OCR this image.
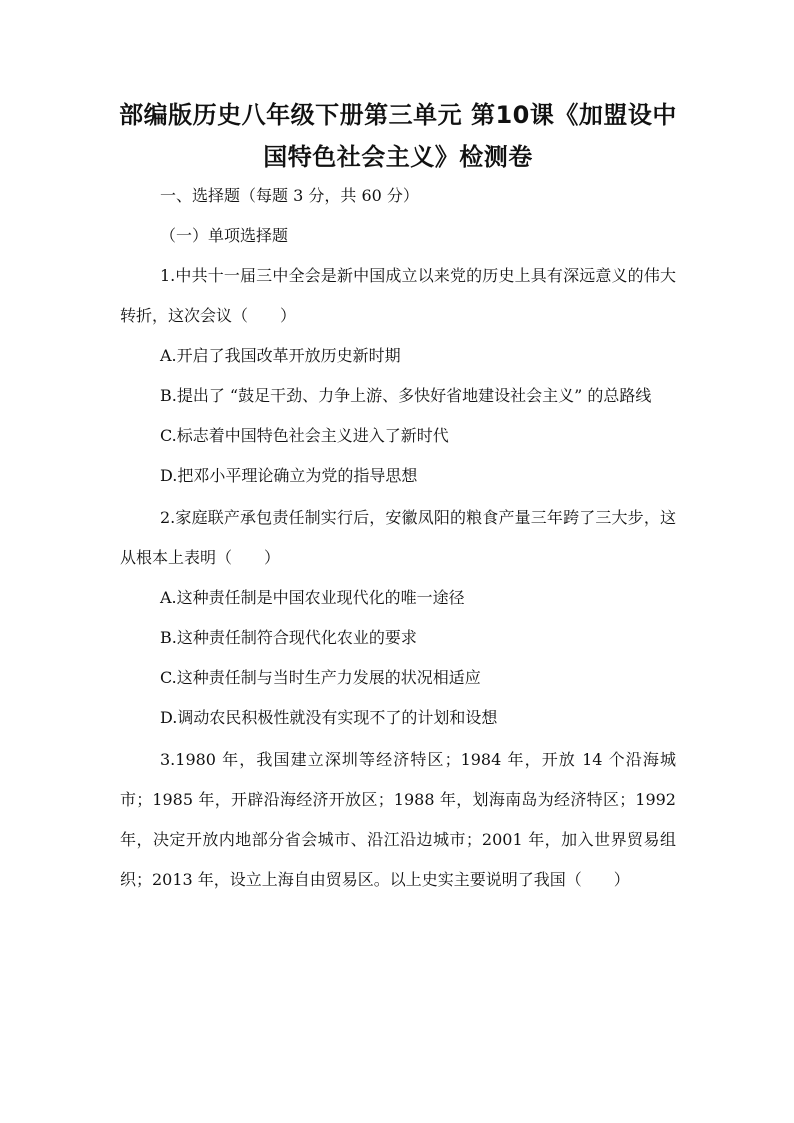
部编版历史八年级下册第三单元 第10课《加盟设中国特色社会主义》检测卷
一、选择题（每题 3 分，共 60 分）
（一）单项选择题
1.中共十一届三中全会是新中国成立以来党的历史上具有深远意义的伟大转折，这次会议（　　）
A.开启了我国改革开放历史新时期
B.提出了 “鼓足干劲、力争上游、多快好省地建设社会主义” 的总路线
C.标志着中国特色社会主义进入了新时代
D.把邓小平理论确立为党的指导思想
2.家庭联产承包责任制实行后，安徽凤阳的粮食产量三年跨了三大步，这从根本上表明（　　）
A.这种责任制是中国农业现代化的唯一途径
B.这种责任制符合现代化农业的要求
C.这种责任制与当时生产力发展的状况相适应
D.调动农民积极性就没有实现不了的计划和设想
3.1980 年，我国建立深圳等经济特区；1984 年，开放 14 个沿海城市；1985 年，开辟沿海经济开放区；1988 年，划海南岛为经济特区；1992 年，决定开放内地部分省会城市、沿江沿边城市；2001 年，加入世界贸易组织；2013 年，设立上海自由贸易区。以上史实主要说明了我国（　　）
